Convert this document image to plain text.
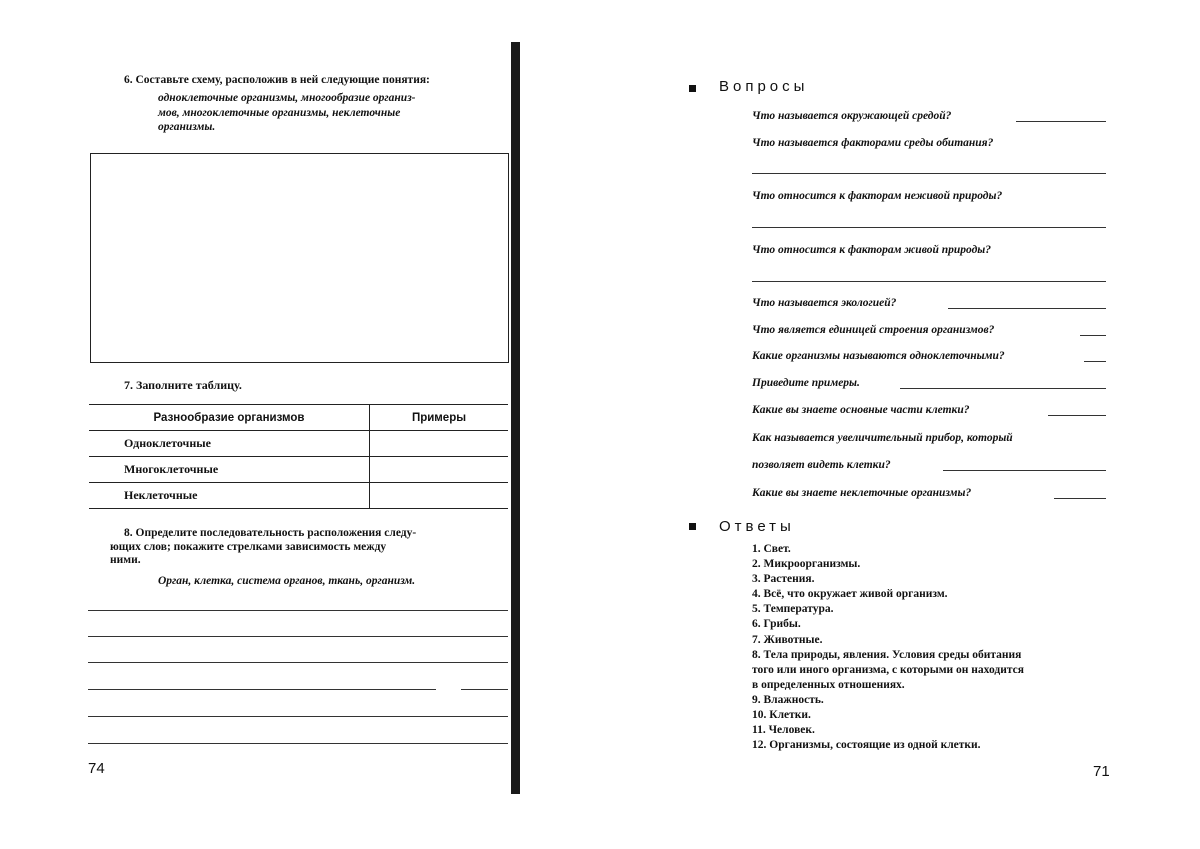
6. Составьте схему, расположив в ней следующие понятия:
одноклеточные организмы, многообразие организ-
мов, многоклеточные организмы, неклеточные
организмы.
7. Заполните таблицу.
Разнообразие организмов	Примеры
Одноклеточные	
Многоклеточные	
Неклеточные	
8. Определите последовательность расположения следу-
ющих слов; покажите стрелками зависимость между
ними.
Орган, клетка, система органов, ткань, организм.
74
Вопросы
Что называется окружающей средой?
Что называется факторами среды обитания?
Что относится к факторам неживой природы?
Что относится к факторам живой природы?
Что называется экологией?
Что является единицей строения организмов?
Какие организмы называются одноклеточными?
Приведите примеры.
Какие вы знаете основные части клетки?
Как называется увеличительный прибор, который
позволяет видеть клетки?
Какие вы знаете неклеточные организмы?
Ответы
1. Свет.
2. Микроорганизмы.
3. Растения.
4. Всё, что окружает живой организм.
5. Температура.
6. Грибы.
7. Животные.
8. Тела природы, явления. Условия среды обитания
того или иного организма, с которыми он находится
в определенных отношениях.
9. Влажность.
10. Клетки.
11. Человек.
12. Организмы, состоящие из одной клетки.
71
